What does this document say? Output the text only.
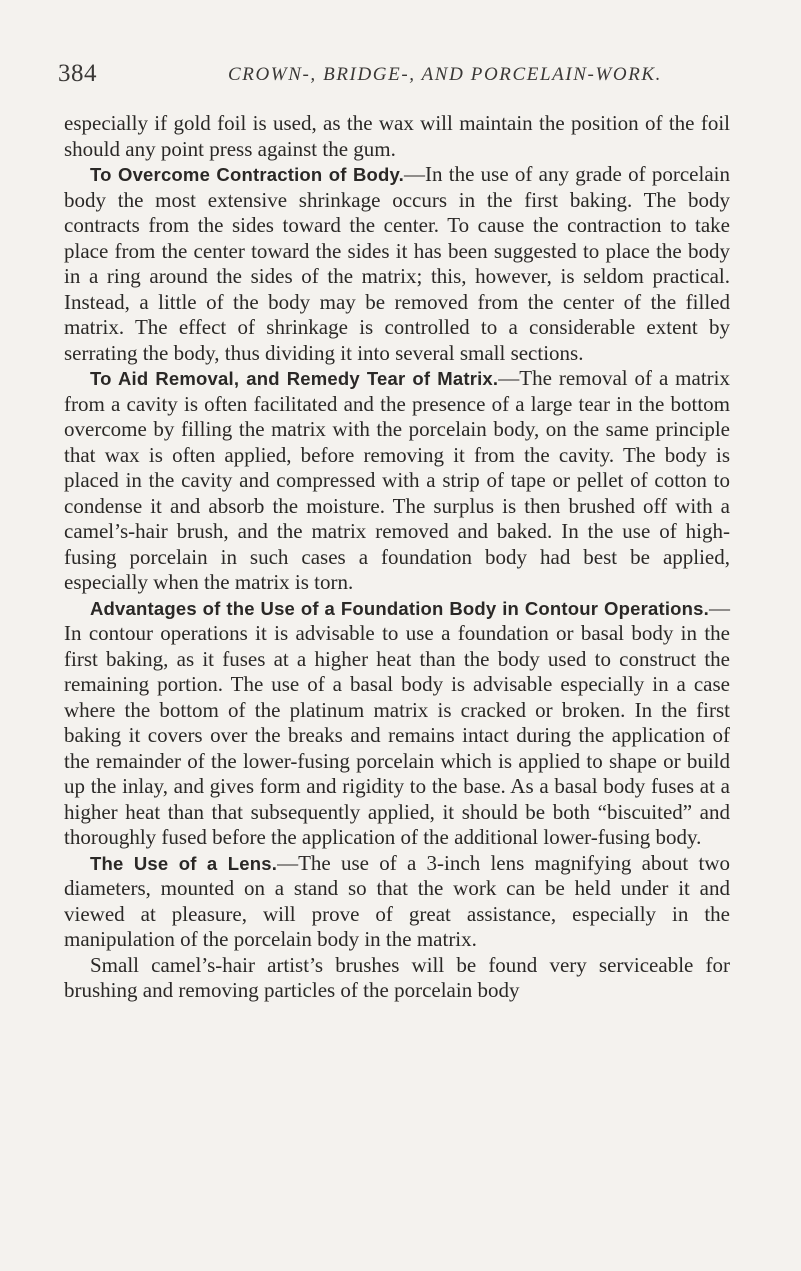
384	CROWN-, BRIDGE-, AND PORCELAIN-WORK.

especially if gold foil is used, as the wax will maintain the position of the foil should any point press against the gum.

To Overcome Contraction of Body.—In the use of any grade of porcelain body the most extensive shrinkage occurs in the first baking. The body contracts from the sides toward the center. To cause the contraction to take place from the center toward the sides it has been suggested to place the body in a ring around the sides of the matrix; this, however, is seldom practical. Instead, a little of the body may be removed from the center of the filled matrix. The effect of shrinkage is controlled to a considerable extent by serrating the body, thus dividing it into several small sections.

To Aid Removal, and Remedy Tear of Matrix.—The removal of a matrix from a cavity is often facilitated and the presence of a large tear in the bottom overcome by filling the matrix with the porcelain body, on the same principle that wax is often applied, before removing it from the cavity. The body is placed in the cavity and compressed with a strip of tape or pellet of cotton to condense it and absorb the moisture. The surplus is then brushed off with a camel’s-hair brush, and the matrix removed and baked. In the use of high-fusing porcelain in such cases a foundation body had best be applied, especially when the matrix is torn.

Advantages of the Use of a Foundation Body in Contour Operations.—In contour operations it is advisable to use a foundation or basal body in the first baking, as it fuses at a higher heat than the body used to construct the remaining portion. The use of a basal body is advisable especially in a case where the bottom of the platinum matrix is cracked or broken. In the first baking it covers over the breaks and remains intact during the application of the remainder of the lower-fusing porcelain which is applied to shape or build up the inlay, and gives form and rigidity to the base. As a basal body fuses at a higher heat than that subsequently applied, it should be both “biscuited” and thoroughly fused before the application of the additional lower-fusing body.

The Use of a Lens.—The use of a 3-inch lens magnifying about two diameters, mounted on a stand so that the work can be held under it and viewed at pleasure, will prove of great assistance, especially in the manipulation of the porcelain body in the matrix.

Small camel’s-hair artist’s brushes will be found very serviceable for brushing and removing particles of the porcelain body
